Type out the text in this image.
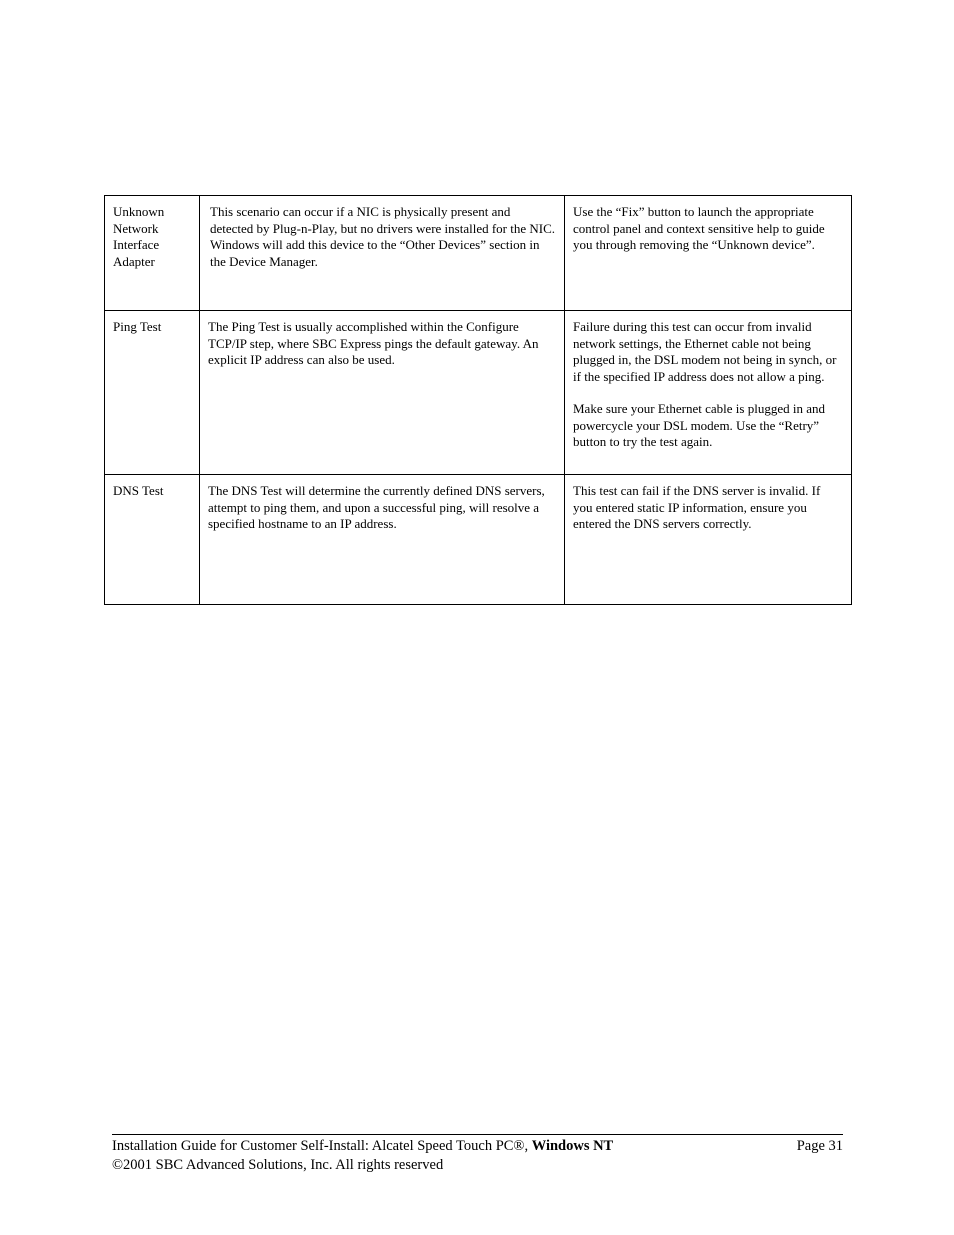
Unknown Network Interface Adapter	This scenario can occur if a NIC is physically present and detected by Plug-n-Play, but no drivers were installed for the NIC. Windows will add this device to the “Other Devices” section in the Device Manager.	Use the “Fix” button to launch the appropriate control panel and context sensitive help to guide you through removing the “Unknown device”.

Ping Test	The Ping Test is usually accomplished within the Configure TCP/IP step, where SBC Express pings the default gateway. An explicit IP address can also be used.	Failure during this test can occur from invalid network settings, the Ethernet cable not being plugged in, the DSL modem not being in synch, or if the specified IP address does not allow a ping.
Make sure your Ethernet cable is plugged in and powercycle your DSL modem. Use the “Retry” button to try the test again.

DNS Test	The DNS Test will determine the currently defined DNS servers, attempt to ping them, and upon a successful ping, will resolve a specified hostname to an IP address.	This test can fail if the DNS server is invalid. If you entered static IP information, ensure you entered the DNS servers correctly.
Installation Guide for Customer Self-Install: Alcatel Speed Touch PC®, Windows NT	Page 31
©2001 SBC Advanced Solutions, Inc. All rights reserved
